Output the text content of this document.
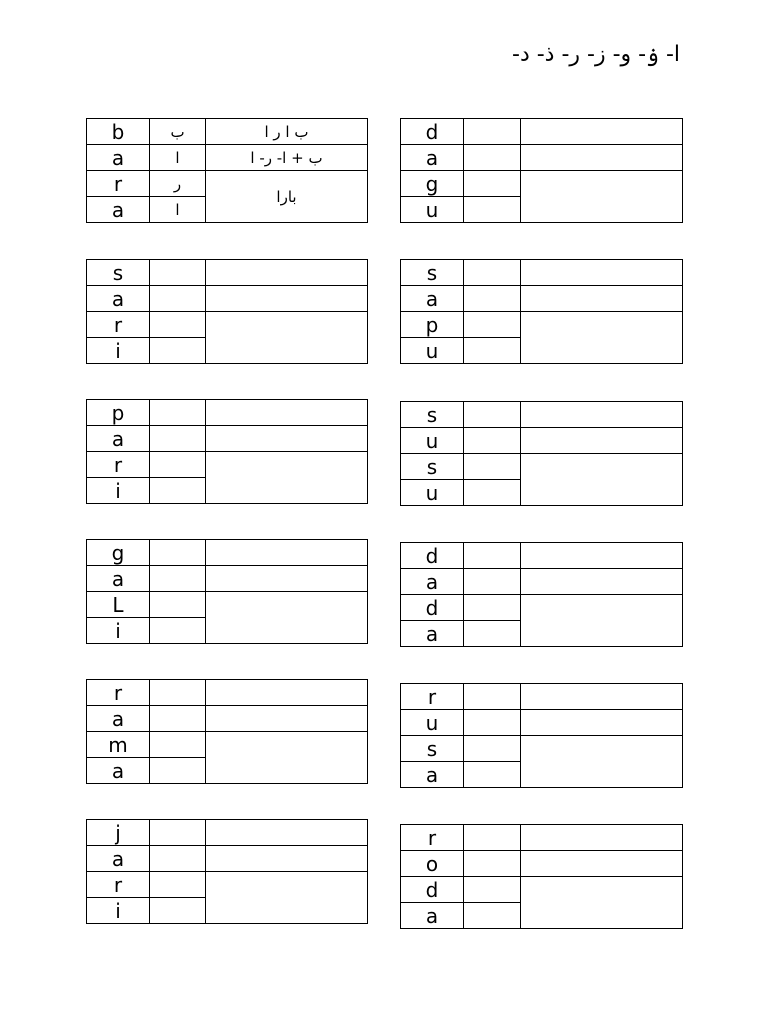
ا- ۏ- و- ز- ر- ذ- د-
b	ب	ب ا ر ا
a	ا	ب + ا- ر- ا
r	ر	بارا
a	ا	
s		
a		
r		
i		
p		
a		
r		
i		
g		
a		
L		
i		
r		
a		
m		
a		
j		
a		
r		
i		
d		
a		
g		
u		
s		
a		
p		
u		
s		
u		
s		
u		
d		
a		
d		
a		
r		
u		
s		
a		
r		
o		
d		
a		
